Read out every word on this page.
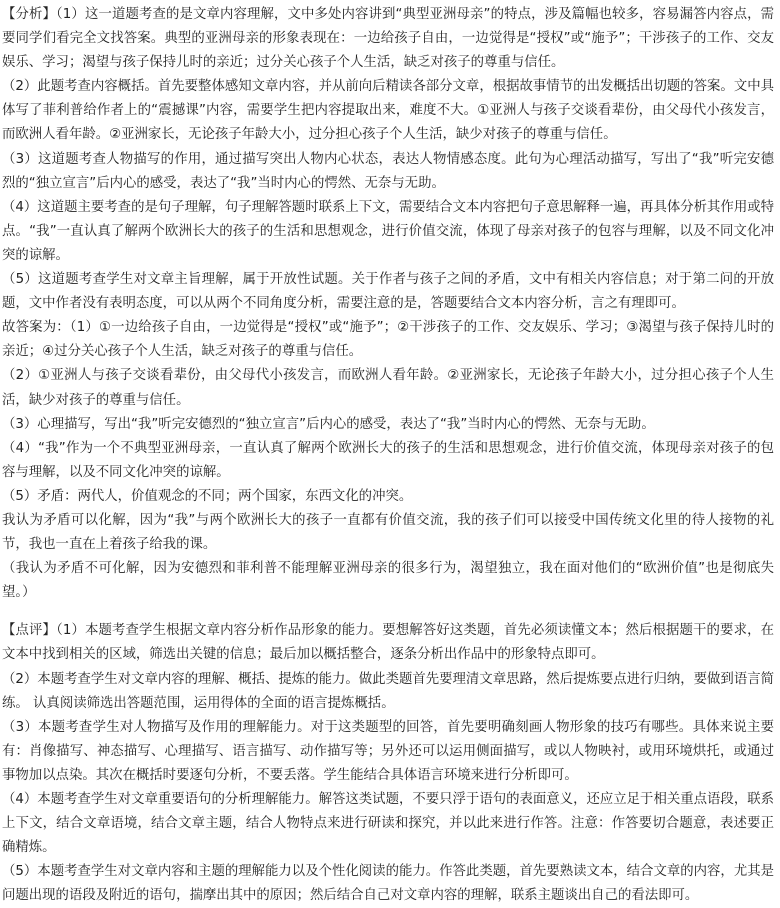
【分析】（1）这一道题考查的是文章内容理解，文中多处内容讲到“典型亚洲母亲”的特点，涉及篇幅也较多，容易漏答内容点，需要同学们看完全文找答案。典型的亚洲母亲的形象表现在：一边给孩子自由，一边觉得是“授权”或“施予”；干涉孩子的工作、交友娱乐、学习；渴望与孩子保持儿时的亲近；过分关心孩子个人生活，缺乏对孩子的尊重与信任。

（2）此题考查内容概括。首先要整体感知文章内容，并从前向后精读各部分文章，根据故事情节的出发概括出切题的答案。文中具体写了菲利普给作者上的“震撼课”内容，需要学生把内容提取出来，难度不大。①亚洲人与孩子交谈看辈份，由父母代小孩发言，而欧洲人看年龄。②亚洲家长，无论孩子年龄大小，过分担心孩子个人生活，缺少对孩子的尊重与信任。

（3）这道题考查人物描写的作用，通过描写突出人物内心状态，表达人物情感态度。此句为心理活动描写，写出了“我”听完安德烈的“独立宣言”后内心的感受，表达了“我”当时内心的愕然、无奈与无助。

（4）这道题主要考查的是句子理解，句子理解答题时联系上下文，需要结合文本内容把句子意思解释一遍，再具体分析其作用或特点。“我”一直认真了解两个欧洲长大的孩子的生活和思想观念，进行价值交流，体现了母亲对孩子的包容与理解，以及不同文化冲突的谅解。

（5）这道题考查学生对文章主旨理解，属于开放性试题。关于作者与孩子之间的矛盾，文中有相关内容信息；对于第二问的开放题，文中作者没有表明态度，可以从两个不同角度分析，需要注意的是，答题要结合文本内容分析，言之有理即可。

故答案为：（1）①一边给孩子自由，一边觉得是“授权”或“施予”；②干涉孩子的工作、交友娱乐、学习；③渴望与孩子保持儿时的亲近；④过分关心孩子个人生活，缺乏对孩子的尊重与信任。

（2）①亚洲人与孩子交谈看辈份，由父母代小孩发言，而欧洲人看年龄。②亚洲家长，无论孩子年龄大小，过分担心孩子个人生活，缺少对孩子的尊重与信任。

（3）心理描写，写出“我”听完安德烈的“独立宣言”后内心的感受，表达了“我”当时内心的愕然、无奈与无助。

（4）“我”作为一个不典型亚洲母亲，一直认真了解两个欧洲长大的孩子的生活和思想观念，进行价值交流，体现母亲对孩子的包容与理解，以及不同文化冲突的谅解。

（5）矛盾：两代人，价值观念的不同；两个国家，东西文化的冲突。

我认为矛盾可以化解，因为“我”与两个欧洲长大的孩子一直都有价值交流，我的孩子们可以接受中国传统文化里的待人接物的礼节，我也一直在上着孩子给我的课。

（我认为矛盾不可化解，因为安德烈和菲利普不能理解亚洲母亲的很多行为，渴望独立，我在面对他们的“欧洲价值”也是彻底失望。）

【点评】（1）本题考查学生根据文章内容分析作品形象的能力。要想解答好这类题，首先必须读懂文本；然后根据题干的要求，在文本中找到相关的区域，筛选出关键的信息；最后加以概括整合，逐条分析出作品中的形象特点即可。

（2）本题考查学生对文章内容的理解、概括、提炼的能力。做此类题首先要理清文章思路，然后提炼要点进行归纳，要做到语言简练。 认真阅读筛选出答题范围，运用得体的全面的语言提炼概括。

（3）本题考查学生对人物描写及作用的理解能力。对于这类题型的回答，首先要明确刻画人物形象的技巧有哪些。具体来说主要有：肖像描写、神态描写、心理描写、语言描写、动作描写等；另外还可以运用侧面描写，或以人物映衬，或用环境烘托，或通过事物加以点染。其次在概括时要逐句分析，不要丢落。学生能结合具体语言环境来进行分析即可。

（4）本题考查学生对文章重要语句的分析理解能力。解答这类试题，不要只浮于语句的表面意义，还应立足于相关重点语段，联系上下文，结合文章语境，结合文章主题，结合人物特点来进行研读和探究，并以此来进行作答。注意：作答要切合题意，表述要正确精炼。

（5）本题考查学生对文章内容和主题的理解能力以及个性化阅读的能力。作答此类题，首先要熟读文本，结合文章的内容，尤其是问题出现的语段及附近的语句，揣摩出其中的原因；然后结合自己对文章内容的理解，联系主题谈出自己的看法即可。
